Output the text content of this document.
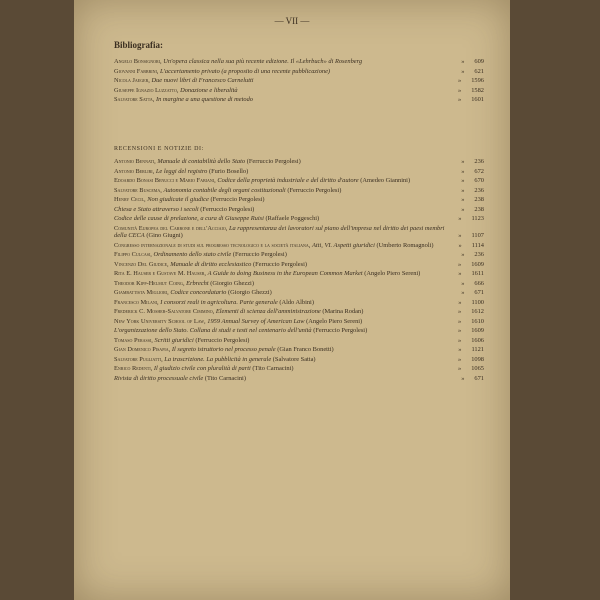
— VII —
Bibliografia:
Angelo Bonsignori, Un'opera classica nella sua più recente edizione. Il «Lehrbuch» di Rosenberg	» 609
Giovanni Fabbrini, L'accertamento privato (a proposito di una recente pubblicazione)	» 621
Nicola Jaeger, Due nuovi libri di Francesco Carnelutti	» 1596
Giuseppe Ignazio Luzzatto, Donazione e liberalità	» 1582
Salvatore Satta, In margine a una questione di metodo	» 1601
RECENSIONI E NOTIZIE DI:
Antonio Bennati, Manuale di contabilità dello Stato (Ferruccio Pergolesi)	» 236
Antonio Berliri, Le leggi del registro (Furio Bosello)	» 672
Edoardo Bonasi Benucci e Mario Fabiani, Codice della proprietà industriale e del diritto d'autore (Amedeo Giannini)	» 670
Salvatore Buscema, Autonomia contabile degli organi costituzionali (Ferruccio Pergolesi)	» 236
Henry Cecil, Non giudicate il giudice (Ferruccio Pergolesi)	» 238
Chiesa e Stato attraverso i secoli (Ferruccio Pergolesi)	» 238
Codice delle cause di prelazione, a cura di Giuseppe Ruisi (Raffaele Poggeschi)	» 1123
Comunità Europea del Carbone e dell'Acciaio, La rappresentanza dei lavoratori sul piano dell'impresa nel diritto dei paesi membri della CECA (Gino Giugni)	» 1107
Congresso internazionale di studi sul progresso tecnologico e la società italiana, Atti, VI. Aspetti giuridici (Umberto Romagnoli)	» 1114
Filippo Culcasi, Ordinamento dello stato civile (Ferruccio Pergolesi)	» 236
Vincenzo Del Giudice, Manuale di diritto ecclesiastico (Ferruccio Pergolesi)	» 1609
Rita E. Hauser e Gustave M. Hauser, A Guide to doing Business in the European Common Market (Angelo Piero Sereni)	» 1611
Theodor Kipp-Helmut Coing, Erbrecht (Giorgio Ghezzi)	» 666
Giambattista Migliori, Codice concordatario (Giorgio Ghezzi)	» 671
Francesco Milani, I consorzi reali in agricoltura. Parte generale (Aldo Albini)	» 1100
Frederick C. Mosher-Salvatore Cimmino, Elementi di scienza dell'amministrazione (Marina Rodan)	» 1612
New York University School of Law, 1959 Annual Survey of American Law (Angelo Piero Sereni)	» 1610
L'organizzazione dello Stato. Collana di studi e testi nel centenario dell'unità (Ferruccio Pergolesi)	» 1609
Tomaso Perassi, Scritti giuridici (Ferruccio Pergolesi)	» 1606
Gian Domenico Pisapia, Il segreto istruttorio nel processo penale (Gian Franco Bonetti)	» 1121
Salvatore Pugliatti, La trascrizione. La pubblicità in generale (Salvatore Satta)	» 1098
Enrico Redenti, Il giudizio civile con pluralità di parti (Tito Carnacini)	» 1065
Rivista di diritto processuale civile (Tito Carnacini)	» 671
